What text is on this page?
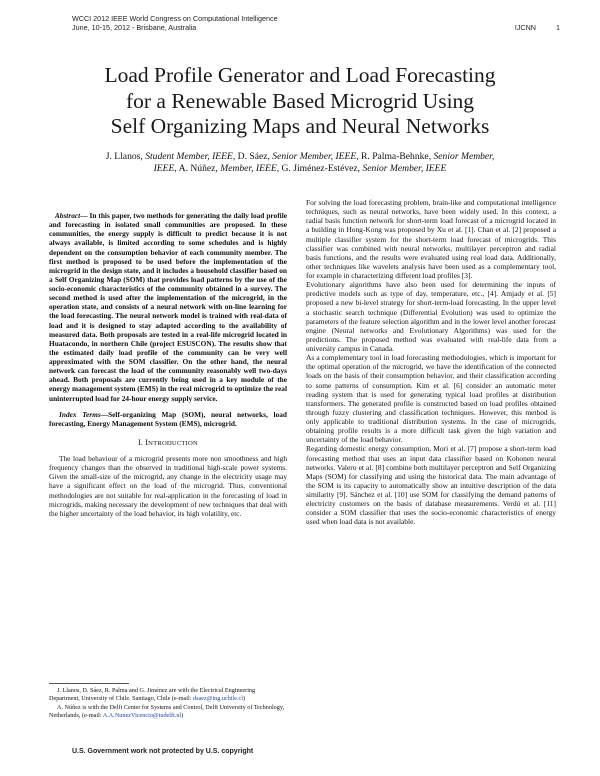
WCCI 2012 IEEE World Congress on Computational Intelligence
June, 10-15, 2012 - Brisbane, Australia	IJCNN	1
Load Profile Generator and Load Forecasting
for a Renewable Based Microgrid Using
Self Organizing Maps and Neural Networks
J. Llanos, Student Member, IEEE, D. Sáez, Senior Member, IEEE, R. Palma-Behnke, Senior Member,
IEEE, A. Núñez, Member, IEEE, G. Jiménez-Estévez, Senior Member, IEEE

Abstract— In this paper, two methods for generating the daily load profile and forecasting in isolated small communities are proposed. In these communities, the energy supply is difficult to predict because it is not always available, is limited according to some schedules and is highly dependent on the consumption behavior of each community member. The first method is proposed to be used before the implementation of the microgrid in the design state, and it includes a household classifier based on a Self Organizing Map (SOM) that provides load patterns by the use of the socio-economic characteristics of the community obtained in a survey. The second method is used after the implementation of the microgrid, in the operation state, and consists of a neural network with on-line learning for the load forecasting. The neural network model is trained with real-data of load and it is designed to stay adapted according to the availability of measured data. Both proposals are tested in a real-life microgrid located in Huatacondo, in northern Chile (project ESUSCON). The results show that the estimated daily load profile of the community can be very well approximated with the SOM classifier. On the other hand, the neural network can forecast the load of the community reasonably well two-days ahead. Both proposals are currently being used in a key module of the energy management system (EMS) in the real microgrid to optimize the real uninterrupted load for 24-hour energy supply service.

Index Terms—Self-organizing Map (SOM), neural networks, load forecasting, Energy Management System (EMS), microgrid.

I. INTRODUCTION

The load behaviour of a microgrid presents more non smoothness and high frequency changes than the observed in traditional high-scale power systems. Given the small-size of the microgrid, any change in the electricity usage may have a significant effect on the load of the microgrid. Thus, conventional methodologies are not suitable for real-application in the forecasting of load in microgrids, making necessary the development of new techniques that deal with the higher uncertainty of the load behavior, its high volatility, etc.

For solving the load forecasting problem, brain-like and computational intelligence techniques, such as neural networks, have been widely used. In this context, a radial basis function network for short-term load forecast of a microgrid located in a building in Hong-Kong was proposed by Xu et al. [1]. Chan et al. [2] proposed a multiple classifier system for the short-term load forecast of microgrids. This classifier was combined with neural networks, multilayer perceptron and radial basis functions, and the results were evaluated using real load data. Additionally, other techniques like wavelets analysis have been used as a complementary tool, for example in characterizing different load profiles [3].

Evolutionary algorithms have also been used for determining the inputs of predictive models such as type of day, temperature, etc., [4]. Amjady et al. [5] proposed a new bi-level strategy for short-term-load forecasting. In the upper level a stochastic search technique (Differential Evolution) was used to optimize the parameters of the feature selection algorithm and in the lower level another forecast engine (Neural networks and Evolutionary Algorithms) was used for the predictions. The proposed method was evaluated with real-life data from a university campus in Canada.

As a complementary tool in load forecasting methodologies, which is important for the optimal operation of the microgrid, we have the identification of the connected loads on the basis of their consumption behavior, and their classification according to some patterns of consumption. Kim et al. [6] consider an automatic meter reading system that is used for generating typical load profiles at distribution transformers. The generated profile is constructed based on load profiles obtained through fuzzy clustering and classification techniques. However, this method is only applicable to traditional distribution systems. In the case of microgrids, obtaining profile results is a more difficult task given the high variation and uncertainty of the load behavior.

Regarding domestic energy consumption, Mori et al. [7] propose a short-term load forecasting method that uses an input data classifier based on Kohonen neural networks. Valero et al. [8] combine both multilayer perceptron and Self Organizing Maps (SOM) for classifying and using the historical data. The main advantage of the SOM is its capacity to automatically show an intuitive description of the data similarity [9]. Sánchez et al. [10] use SOM for classifying the demand patterns of electricity customers on the basis of database measurements. Verdú et al. [11] consider a SOM classifier that uses the socio-economic characteristics of energy used when load data is not available.

J. Llanos, D. Sáez, R. Palma and G. Jiménez are with the Electrical Engineering Department, University of Chile. Santiago, Chile (e-mail: dsaez@ing.uchile.cl)

A. Núñez is with the Delft Center for Systems and Control, Delft University of Technology, Netherlands, (e-mail: A.A.NunezVicencio@tudelft.nl)

U.S. Government work not protected by U.S. copyright
